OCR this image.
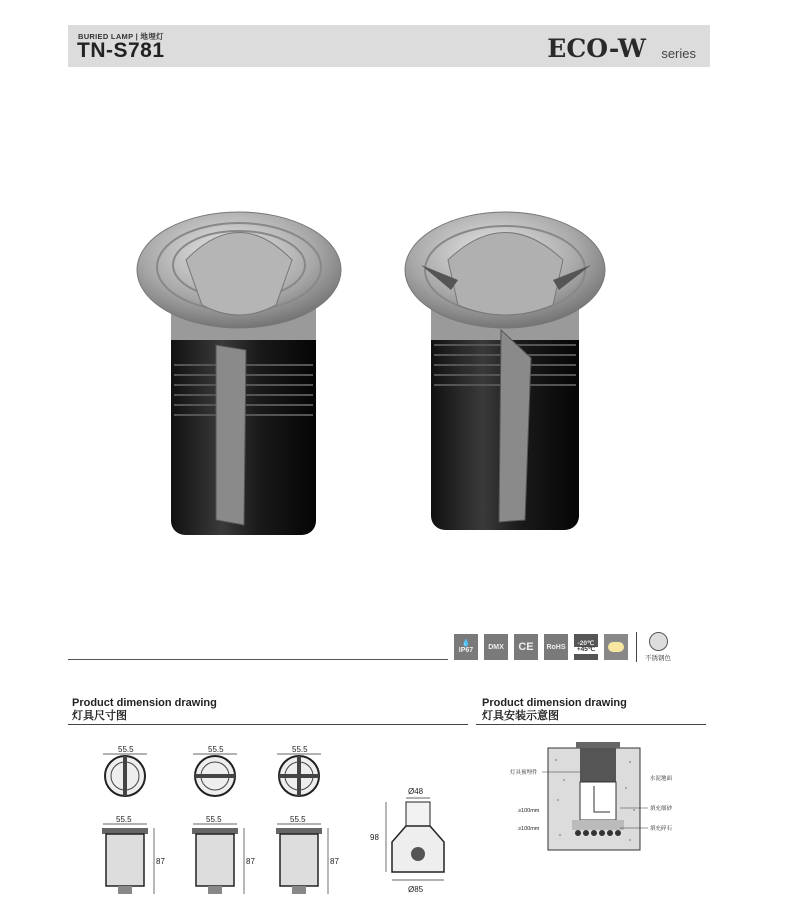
BURIED LAMP | 地埋灯
TN-S781	ECO-W series
💧
IP67 DMX CE RoHS
-20℃
+45℃
不锈钢色
Product dimension drawing
灯具尺寸图
Product dimension drawing
灯具安装示意图
55.5	55.5	55.5
55.5
87
55.5
87
55.5
87
Ø48
98
Ø85
灯具预埋件
水泥地面
≥100mm
≥100mm
填充细砂
填充碎石
